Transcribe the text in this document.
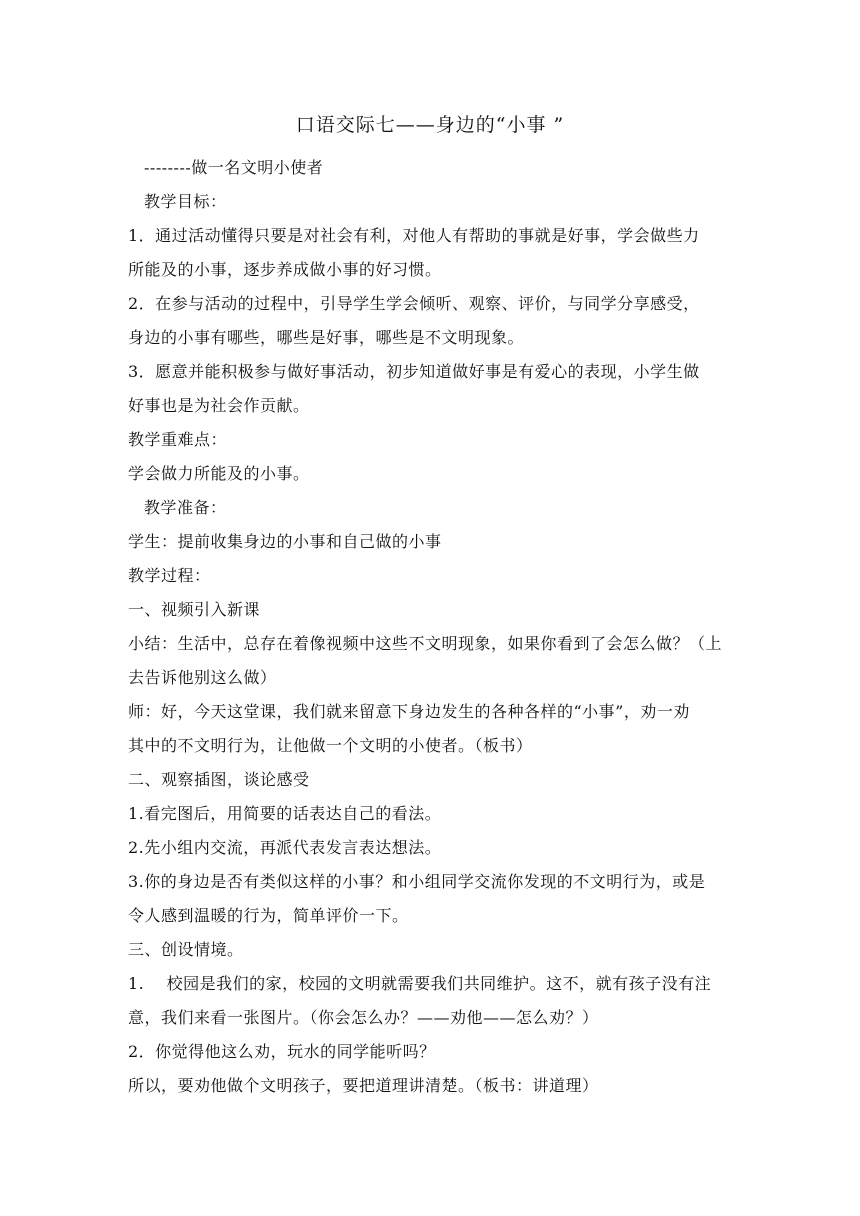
口语交际七——身边的“小事 ”
--------做一名文明小使者
教学目标：
1．通过活动懂得只要是对社会有利，对他人有帮助的事就是好事，学会做些力
所能及的小事，逐步养成做小事的好习惯。
2．在参与活动的过程中，引导学生学会倾听、观察、评价，与同学分享感受，
身边的小事有哪些，哪些是好事，哪些是不文明现象。
3．愿意并能积极参与做好事活动，初步知道做好事是有爱心的表现，小学生做
好事也是为社会作贡献。
教学重难点：
学会做力所能及的小事。
教学准备：
学生：提前收集身边的小事和自己做的小事
教学过程：
一、视频引入新课
小结：生活中，总存在着像视频中这些不文明现象，如果你看到了会怎么做？（上
去告诉他别这么做）
师：好，今天这堂课，我们就来留意下身边发生的各种各样的“小事”，劝一劝
其中的不文明行为，让他做一个文明的小使者。（板书）
二、观察插图，谈论感受
1.看完图后，用简要的话表达自己的看法。
2.先小组内交流，再派代表发言表达想法。
3.你的身边是否有类似这样的小事？和小组同学交流你发现的不文明行为，或是
令人感到温暖的行为，简单评价一下。
三、创设情境。
1.    校园是我们的家，校园的文明就需要我们共同维护。这不，就有孩子没有注
意，我们来看一张图片。（你会怎么办？——劝他——怎么劝？）
2．你觉得他这么劝，玩水的同学能听吗？
所以，要劝他做个文明孩子，要把道理讲清楚。（板书：讲道理）
